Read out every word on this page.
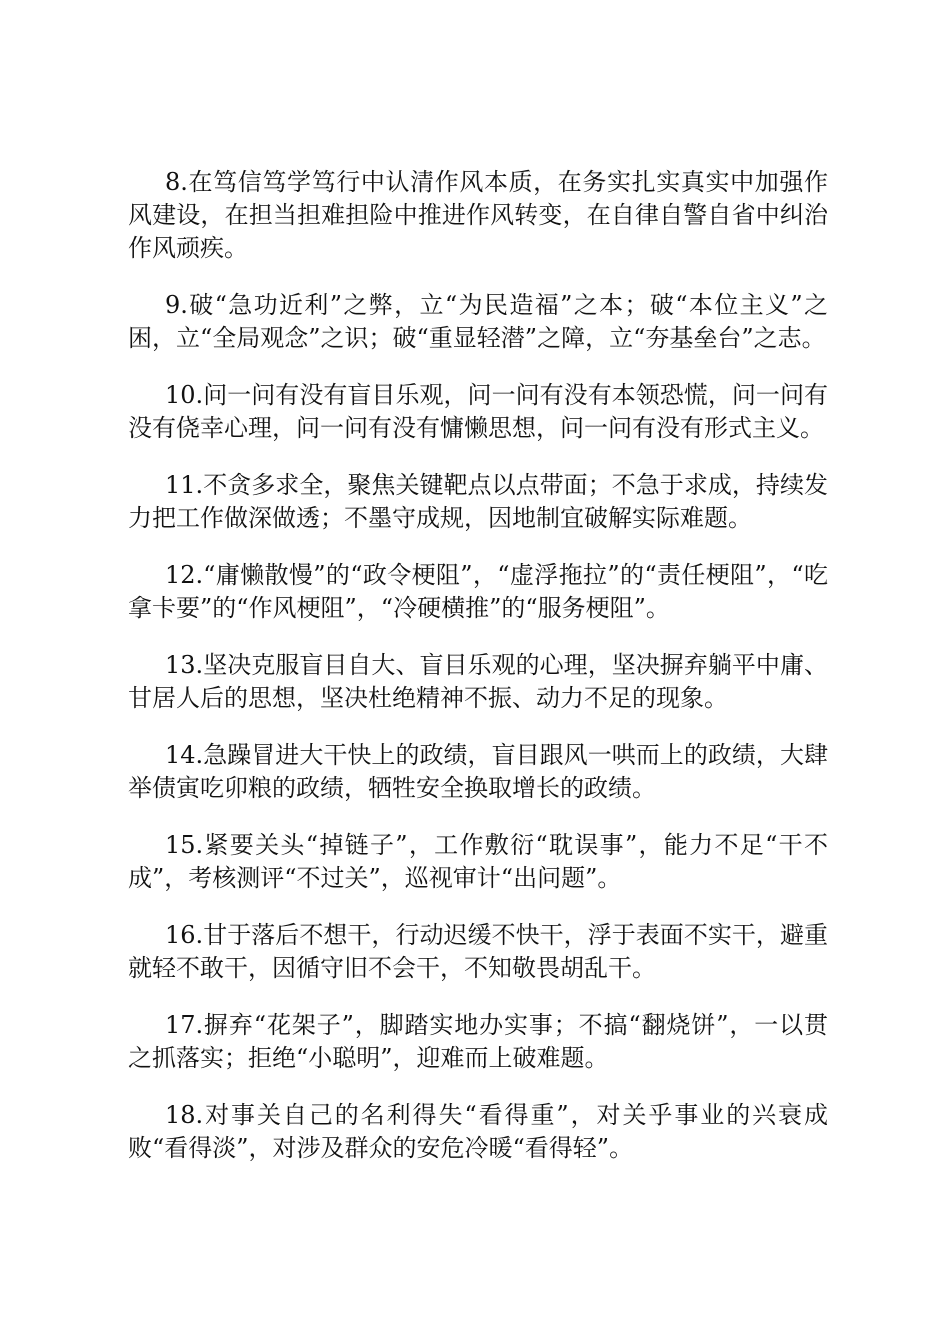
8.在笃信笃学笃行中认清作风本质，在务实扎实真实中加强作风建设，在担当担难担险中推进作风转变，在自律自警自省中纠治作风顽疾。

9.破“急功近利”之弊，立“为民造福”之本；破“本位主义”之困，立“全局观念”之识；破“重显轻潜”之障，立“夯基垒台”之志。

10.问一问有没有盲目乐观，问一问有没有本领恐慌，问一问有没有侥幸心理，问一问有没有慵懒思想，问一问有没有形式主义。

11.不贪多求全，聚焦关键靶点以点带面；不急于求成，持续发力把工作做深做透；不墨守成规，因地制宜破解实际难题。

12.“庸懒散慢”的“政令梗阻”，“虚浮拖拉”的“责任梗阻”，“吃拿卡要”的“作风梗阻”，“冷硬横推”的“服务梗阻”。

13.坚决克服盲目自大、盲目乐观的心理，坚决摒弃躺平中庸、甘居人后的思想，坚决杜绝精神不振、动力不足的现象。

14.急躁冒进大干快上的政绩，盲目跟风一哄而上的政绩，大肆举债寅吃卯粮的政绩，牺牲安全换取增长的政绩。

15.紧要关头“掉链子”，工作敷衍“耽误事”，能力不足“干不成”，考核测评“不过关”，巡视审计“出问题”。

16.甘于落后不想干，行动迟缓不快干，浮于表面不实干，避重就轻不敢干，因循守旧不会干，不知敬畏胡乱干。

17.摒弃“花架子”，脚踏实地办实事；不搞“翻烧饼”，一以贯之抓落实；拒绝“小聪明”，迎难而上破难题。

18.对事关自己的名利得失“看得重”，对关乎事业的兴衰成败“看得淡”，对涉及群众的安危冷暖“看得轻”。
